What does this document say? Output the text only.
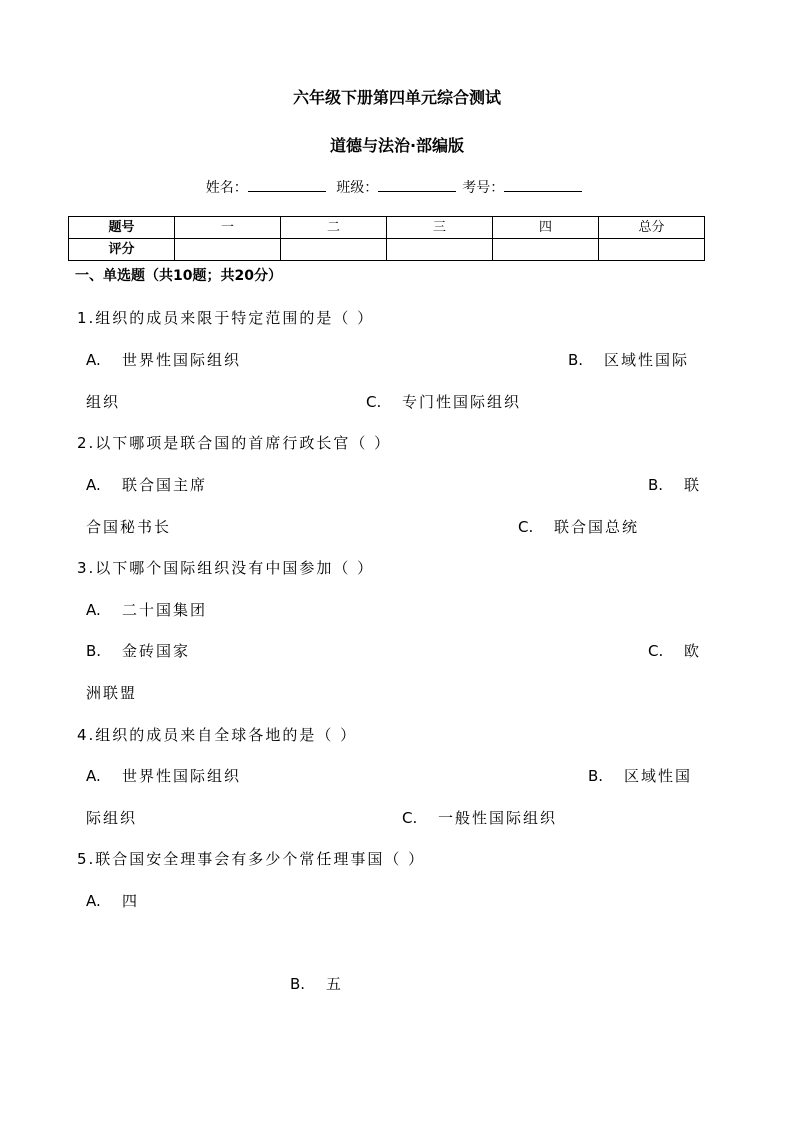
六年级下册第四单元综合测试
道德与法治·部编版
姓名：	班级：	考号：
题号	一	二	三	四	总分
评分					
一、单选题（共10题；共20分）
1.组织的成员来限于特定范围的是（ ）
A. 世界性国际组织	B. 区域性国际
组织	C. 专门性国际组织
2.以下哪项是联合国的首席行政长官（ ）
A. 联合国主席	B. 联
合国秘书长	C. 联合国总统
3.以下哪个国际组织没有中国参加（ ）
A. 二十国集团
B. 金砖国家	C. 欧
洲联盟
4.组织的成员来自全球各地的是（ ）
A. 世界性国际组织	B. 区域性国
际组织	C. 一般性国际组织
5.联合国安全理事会有多少个常任理事国（ ）
A. 四
B. 五
